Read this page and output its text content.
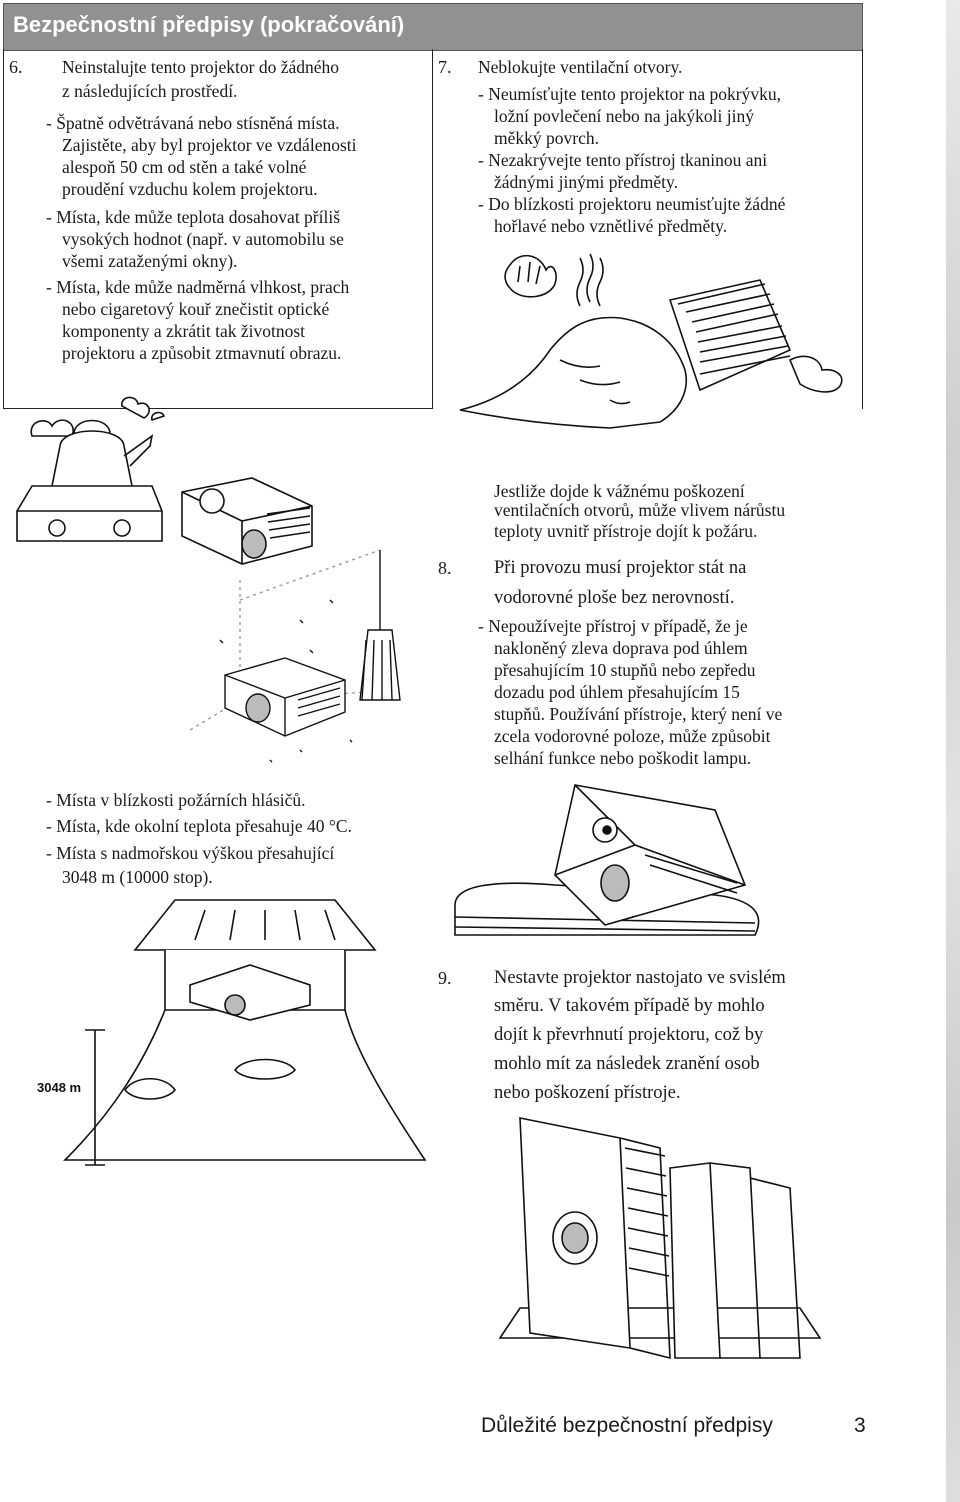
Bezpečnostní předpisy (pokračování)
6. Neinstalujte tento projektor do žádného
z následujících prostředí.
- Špatně odvětrávaná nebo stísněná místa.
Zajistěte, aby byl projektor ve vzdálenosti
alespoň 50 cm od stěn a také volné
proudění vzduchu kolem projektoru.
- Místa, kde může teplota dosahovat příliš
vysokých hodnot (např. v automobilu se
všemi zataženými okny).
- Místa, kde může nadměrná vlhkost, prach
nebo cigaretový kouř znečistit optické
komponenty a zkrátit tak životnost
projektoru a způsobit ztmavnutí obrazu.
- Místa v blízkosti požárních hlásičů.
- Místa, kde okolní teplota přesahuje 40 °C.
- Místa s nadmořskou výškou přesahující
3048 m (10000 stop).
7. Neblokujte ventilační otvory.
- Neumísťujte tento projektor na pokrývku,
ložní povlečení nebo na jakýkoli jiný
měkký povrch.
- Nezakrývejte tento přístroj tkaninou ani
žádnými jinými předměty.
- Do blízkosti projektoru neumisťujte žádné
hořlavé nebo vznětlivé předměty.
Jestliže dojde k vážnému poškození
ventilačních otvorů, může vlivem nárůstu
teploty uvnitř přístroje dojít k požáru.
8. Při provozu musí projektor stát na
vodorovné ploše bez nerovností.
- Nepoužívejte přístroj v případě, že je
nakloněný zleva doprava pod úhlem
přesahujícím 10 stupňů nebo zepředu
dozadu pod úhlem přesahujícím 15
stupňů. Používání přístroje, který není ve
zcela vodorovné poloze, může způsobit
selhání funkce nebo poškodit lampu.
9. Nestavte projektor nastojato ve svislém
směru. V takovém případě by mohlo
dojít k převrhnutí projektoru, což by
mohlo mít za následek zranění osob
nebo poškození přístroje.
3048 m
Důležité bezpečnostní předpisy	3
